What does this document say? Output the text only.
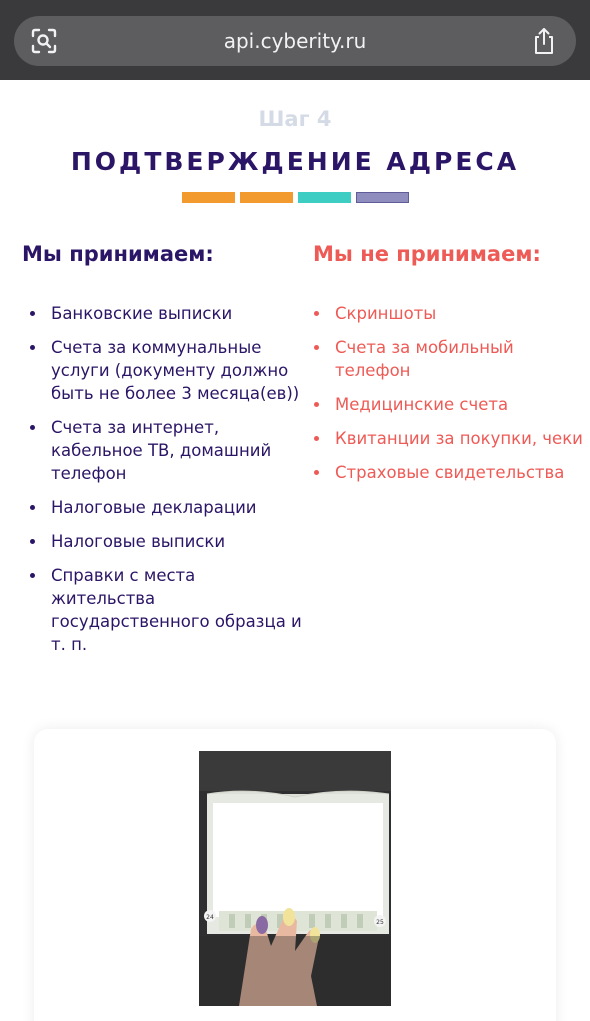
api.cyberity.ru
Шаг 4
ПОДТВЕРЖДЕНИЕ АДРЕСА
Мы принимаем:
Банковские выписки
Счета за коммунальные услуги (документу должно быть не более 3 месяца(ев))
Счета за интернет, кабельное ТВ, домашний телефон
Налоговые декларации
Налоговые выписки
Справки с места жительства государственного образца и т. п.
Мы не принимаем:
Скриншоты
Счета за мобильный телефон
Медицинские счета
Квитанции за покупки, чеки
Страховые свидетельства
24
25
